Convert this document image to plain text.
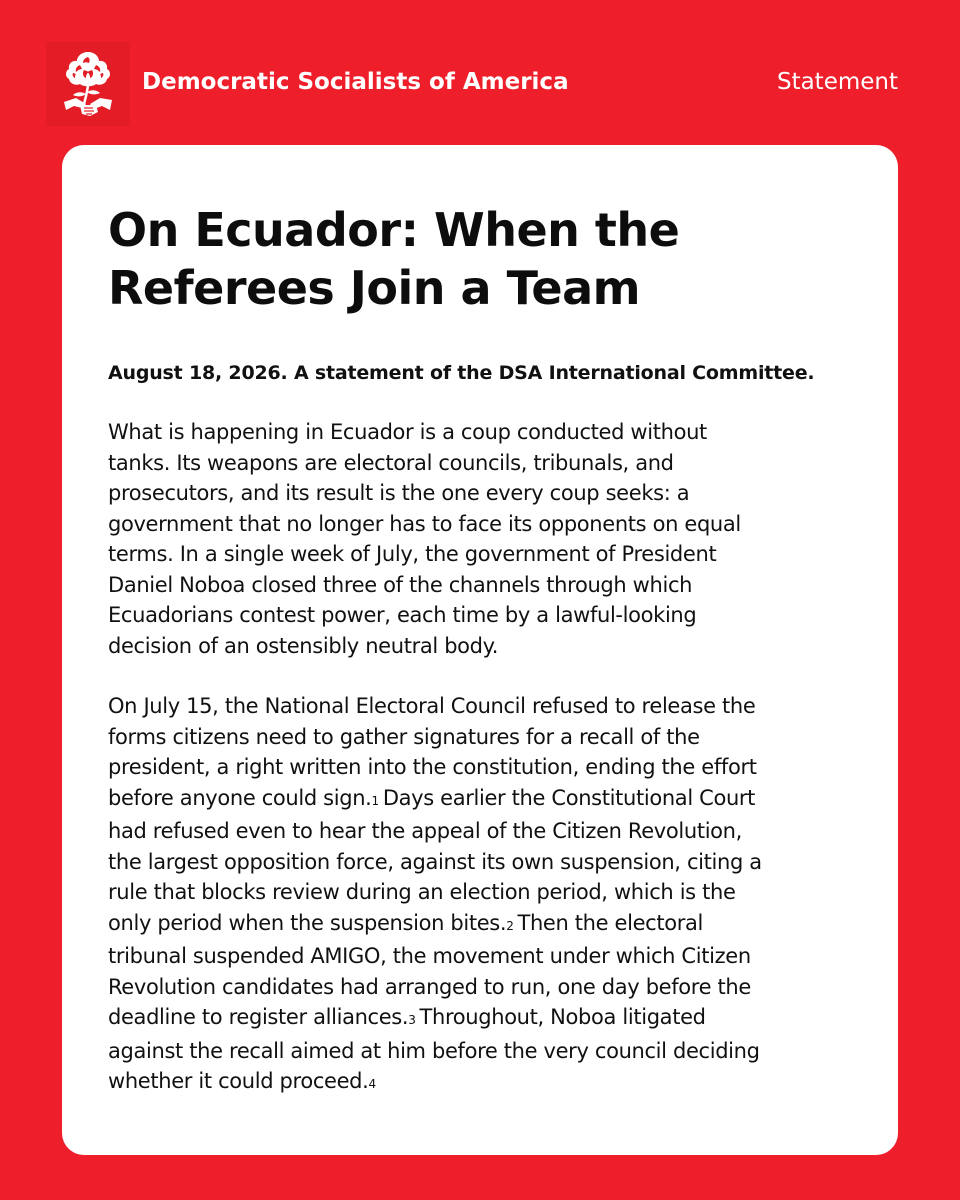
Democratic Socialists of America	Statement
On Ecuador: When the
Referees Join a Team
August 18, 2026. A statement of the DSA International Committee.
What is happening in Ecuador is a coup conducted without
tanks. Its weapons are electoral councils, tribunals, and
prosecutors, and its result is the one every coup seeks: a
government that no longer has to face its opponents on equal
terms. In a single week of July, the government of President
Daniel Noboa closed three of the channels through which
Ecuadorians contest power, each time by a lawful-looking
decision of an ostensibly neutral body.
On July 15, the National Electoral Council refused to release the
forms citizens need to gather signatures for a recall of the
president, a right written into the constitution, ending the effort
before anyone could sign.1 Days earlier the Constitutional Court
had refused even to hear the appeal of the Citizen Revolution,
the largest opposition force, against its own suspension, citing a
rule that blocks review during an election period, which is the
only period when the suspension bites.2 Then the electoral
tribunal suspended AMIGO, the movement under which Citizen
Revolution candidates had arranged to run, one day before the
deadline to register alliances.3 Throughout, Noboa litigated
against the recall aimed at him before the very council deciding
whether it could proceed.4
